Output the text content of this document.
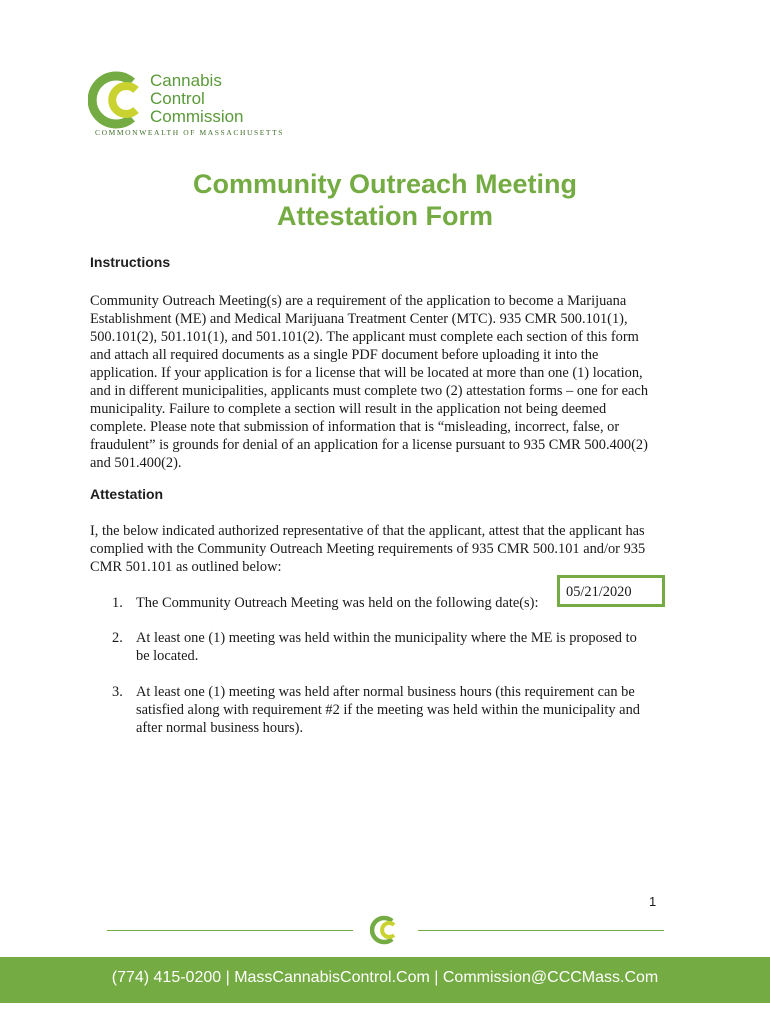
Cannabis
Control
Commission
COMMONWEALTH OF MASSACHUSETTS
Community Outreach Meeting
Attestation Form
Instructions
Community Outreach Meeting(s) are a requirement of the application to become a Marijuana
Establishment (ME) and Medical Marijuana Treatment Center (MTC). 935 CMR 500.101(1),
500.101(2), 501.101(1), and 501.101(2). The applicant must complete each section of this form
and attach all required documents as a single PDF document before uploading it into the
application. If your application is for a license that will be located at more than one (1) location,
and in different municipalities, applicants must complete two (2) attestation forms – one for each
municipality. Failure to complete a section will result in the application not being deemed
complete. Please note that submission of information that is “misleading, incorrect, false, or
fraudulent” is grounds for denial of an application for a license pursuant to 935 CMR 500.400(2)
and 501.400(2).
Attestation
I, the below indicated authorized representative of that the applicant, attest that the applicant has
complied with the Community Outreach Meeting requirements of 935 CMR 500.101 and/or 935
CMR 501.101 as outlined below:
1. The Community Outreach Meeting was held on the following date(s):
05/21/2020
2. At least one (1) meeting was held within the municipality where the ME is proposed to
be located.
3. At least one (1) meeting was held after normal business hours (this requirement can be
satisfied along with requirement #2 if the meeting was held within the municipality and
after normal business hours).
1
(774) 415-0200 | MassCannabisControl.Com | Commission@CCCMass.Com
